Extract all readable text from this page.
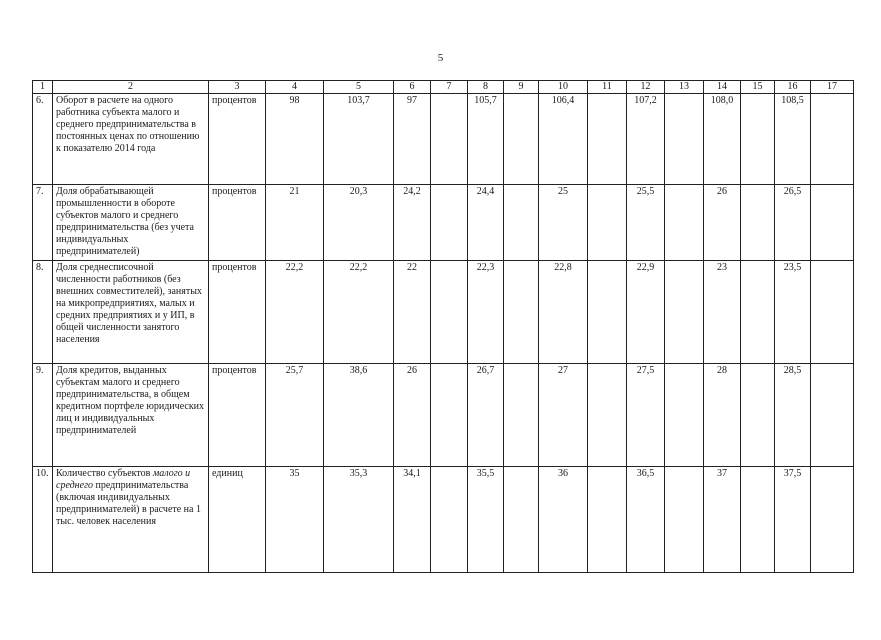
5
1	2	3	4	5	6	7	8	9	10	11	12	13	14	15	16	17
6.	Оборот в расчете на одного работника субъекта малого и среднего предпринимательства в постоянных ценах по отношению к показателю 2014 года	процентов	98	103,7	97		105,7		106,4		107,2		108,0		108,5	
7.	Доля обрабатывающей промышленности в обороте субъектов малого и среднего предпринимательства (без учета индивидуальных предпринимателей)	процентов	21	20,3	24,2		24,4		25		25,5		26		26,5	
8.	Доля среднесписочной численности работников (без внешних совместителей), занятых на микропредприятиях, малых и средних предприятиях и у ИП, в общей численности занятого населения	процентов	22,2	22,2	22		22,3		22,8		22,9		23		23,5	
9.	Доля кредитов, выданных субъектам малого и среднего предпринимательства, в общем кредитном портфеле юридических лиц и индивидуальных предпринимателей	процентов	25,7	38,6	26		26,7		27		27,5		28		28,5	
10.	Количество субъектов малого и среднего предпринимательства (включая индивидуальных предпринимателей) в расчете на 1 тыс. человек населения	единиц	35	35,3	34,1		35,5		36		36,5		37		37,5	
